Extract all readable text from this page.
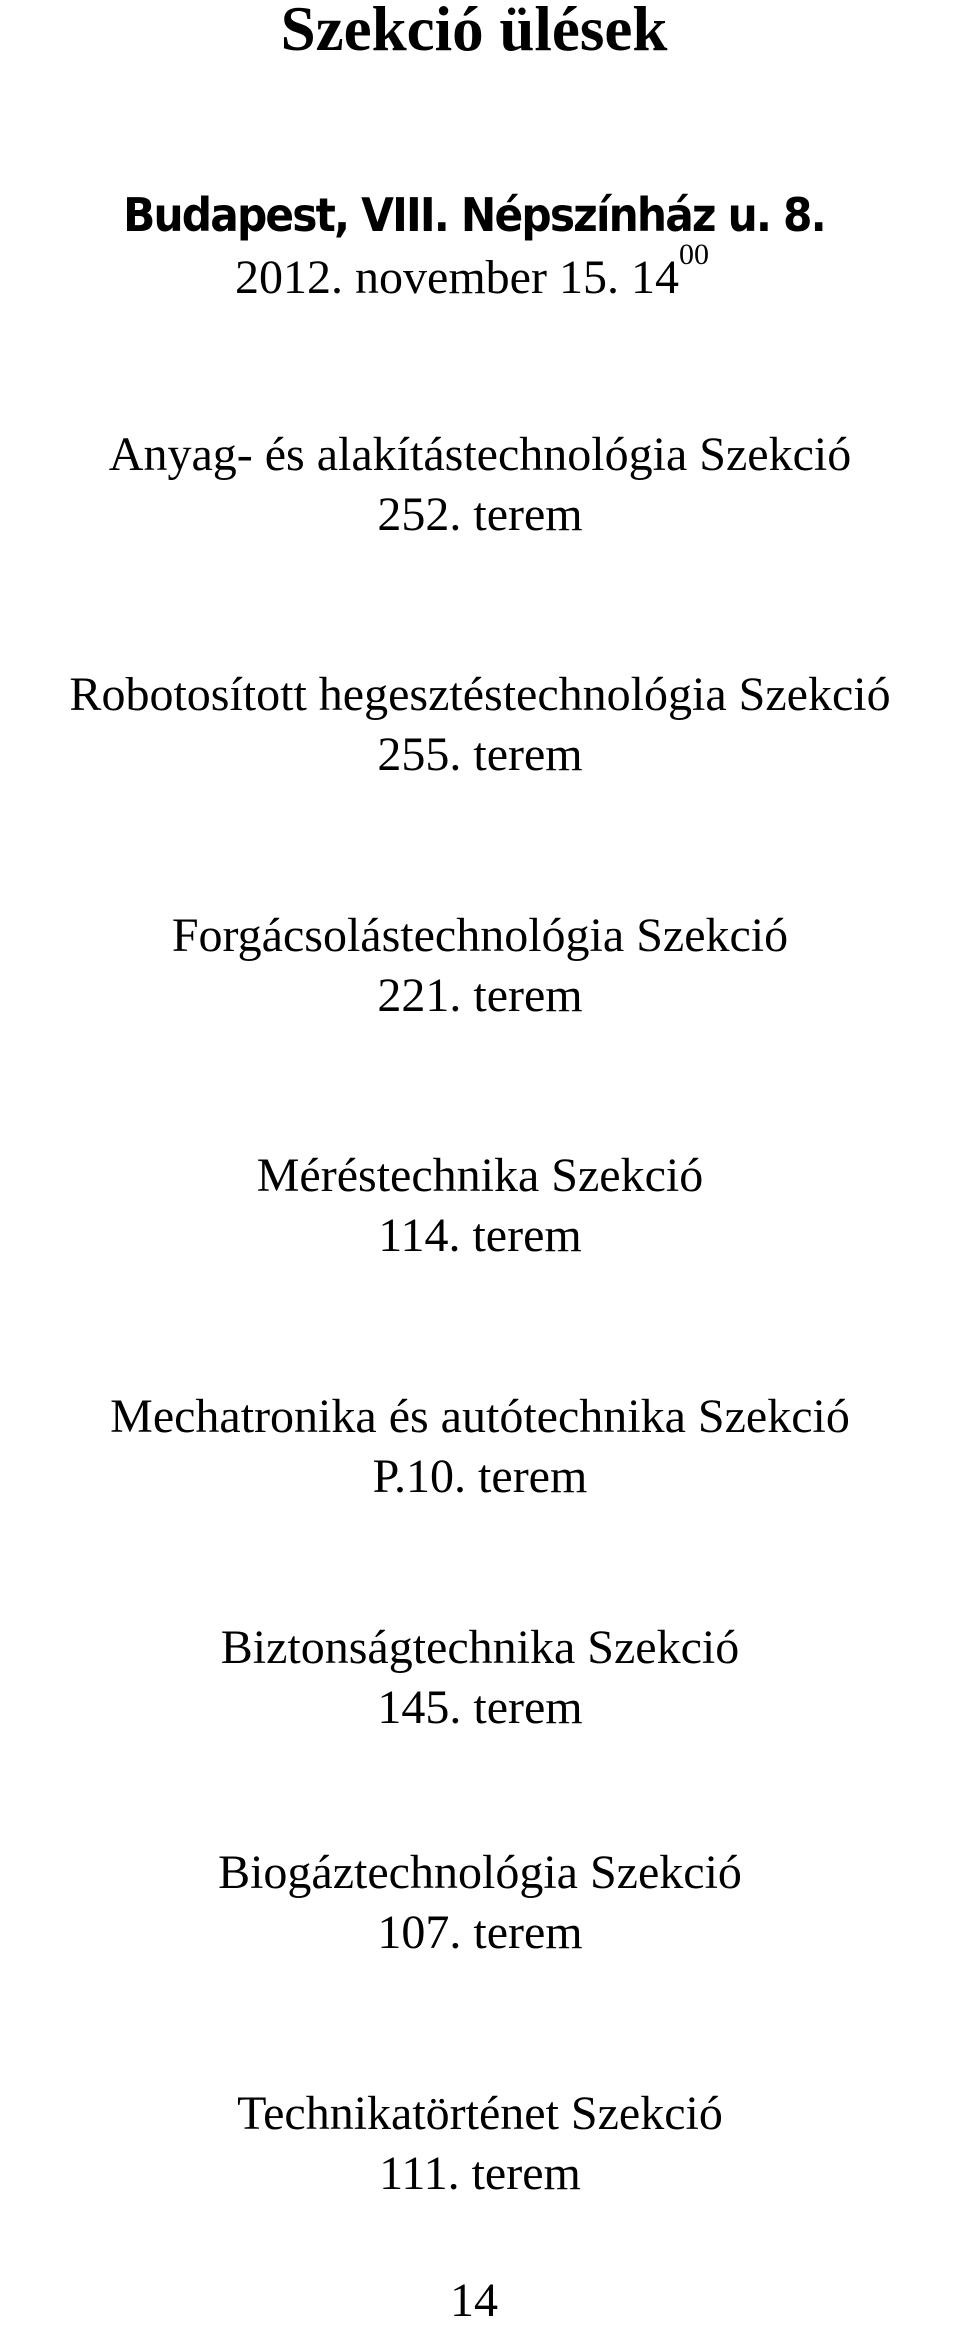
Szekció ülések
Budapest, VIII. Népszínház u. 8.
2012. november 15. $14^{00}$
Anyag- és alakítástechnológia Szekció
252. terem
Robotosított hegesztéstechnológia Szekció
255. terem
Forgácsolástechnológia Szekció
221. terem
Méréstechnika Szekció
114. terem
Mechatronika és autótechnika Szekció
P.10. terem
Biztonságtechnika Szekció
145. terem
Biogáztechnológia Szekció
107. terem
Technikatörténet Szekció
111. terem
14
